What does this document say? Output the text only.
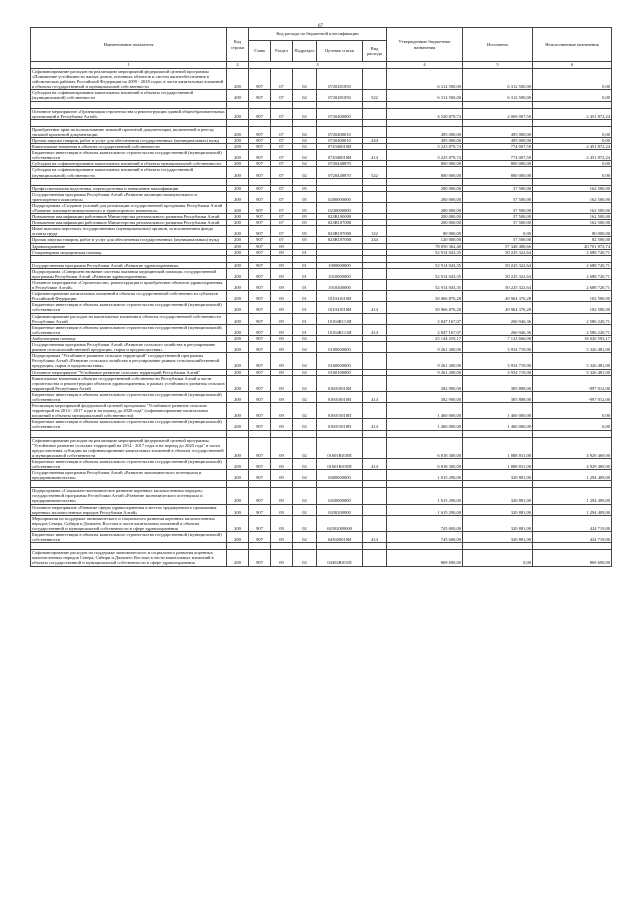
67
Наименование показателя	Код строки	Код расхода по бюджетной классификации					Утвержденные бюджетные назначения	Исполнено	Неисполненные назначения
		Глава	Раздел	Подраздел	Целевая статья	Вид расхода			
1	2	3					4	5	6
Софинансирование расходов на реализацию мероприятий федеральной целевой программы «Повышение устойчивости жилых домов, основных объектов и систем жизнеобеспечения в сейсмических районах Российской Федерации на 2009 - 2018 годы» в части капитальных вложений в объекты государственной и муниципальной собственности	200	907	07	02	0720281050		6 312 500,00	6 312 500,00	0,00
Субсидии на софинансирование капитальных вложений в объекты государственной (муниципальной) собственности	200	907	07	02	0720281050	522	6 312 500,00	6 312 500,00	0,00

Основное мероприятие «Организация строительства и реконструкции зданий общеобразовательных организаций в Республике Алтай»	200	907	07	02	0720400000		4 520 879,74	2 069 007,50	2 451 872,24

Приобретение прав на использование типовой проектной документации, включенной в реестр типовой проектной документации	200	907	07	02	0720400010		495 000,00	495 000,00	0,00
Прочая закупка товаров, работ и услуг для обеспечения государственных (муниципальных) нужд	200	907	07	02	0720400010	244	495 000,00	495 000,00	0,00
Капитальные вложения в объекты государственной собственности	200	907	07	02	072040010И		3 225 879,74	774 007,50	2 451 872,24
Бюджетные инвестиции в объекты капитального строительства государственной (муниципальной) собственности	200	907	07	02	072040010И	414	3 225 879,74	774 007,50	2 451 872,24
Субсидии на софинансирование капитальных вложений в объекты муниципальной собственности	200	907	07	02	0720448870		800 000,00	800 000,00	0,00
Субсидии на софинансирование капитальных вложений в объекты государственной (муниципальной) собственности	200	907	07	02	0720448870	522	800 000,00	800 000,00	0,00

Профессиональная подготовка, переподготовка и повышение квалификации	200	907	07	05			200 000,00	37 500,00	162 500,00
Государственная программа Республики Алтай «Развитие жилищно-коммунального и транспортного комплекса»	200	907	07	05	0200000000		200 000,00	37 500,00	162 500,00
Подпрограмма «Создание условий для реализации государственной программы Республики Алтай «Развитие жилищно-коммунального и транспортного комплекса»	200	907	07	05	0230000000		200 000,00	37 500,00	162 500,00
Повышение квалификации работников Министерства регионального развития Республики Алтай	200	907	07	05	02ЗВ100000		200 000,00	37 500,00	162 500,00
Повышение квалификации работников Министерства регионального развития Республики Алтай	200	907	07	05	02ЗВ107000		200 000,00	37 500,00	162 500,00
Иные выплаты персоналу государственных (муниципальных) органов, за исключением фонда оплаты труда	200	907	07	05	02ЗВ107000	122	80 000,00	0,00	80 000,00
Прочая закупка товаров, работ и услуг для обеспечения государственных (муниципальных) нужд	200	907	07	05	02ЗВ107000	244	120 000,00	37 500,00	82 500,00
Здравоохранение	200	907	09				78 050 362,40	57 348 488,66	20 701 873,74
Стационарная медицинская помощь	200	907	09	01			52 914 043,35	50 225 322,64	2 688 720,71

Государственная программа Республики Алтай «Развитие здравоохранения»	200	907	09	01	1000000000		52 914 043,35	50 225 322,64	2 688 720,71
Подпрограмма «Совершенствование системы оказания медицинской помощи» государственной программы Республики Алтай «Развитие здравоохранения»	200	907	09	01	1010000000		52 914 043,35	50 225 322,64	2 688 720,71
Основное мероприятие «Строительство, реконструкция и приобретение объектов здравоохранения в Республике Алтай»	200	907	09	01	1010400000		52 914 043,35	50 225 322,64	2 688 720,71
Софинансирование капитальных вложений в объекты государственной собственности субъектов Российской Федерации	200	907	09	01	101041010И		50 066 876,28	49 964 376,28	102 500,00
Бюджетные инвестиции в объекты капитального строительства государственной (муниципальной) собственности	200	907	09	01	101041010И	414	50 066 876,28	49 964 376,28	102 500,00
Софинансирование расходов на капитальные вложения в объекты государственной собственности Республики Алтай	200	907	09	01	10104R111И		2 847 167,07	260 946,36	2 586 220,71
Бюджетные инвестиции в объекты капитального строительства государственной (муниципальной) собственности	200	907	09	01	10104R111И	414	2 847 167,07	260 946,36	2 586 220,71
Амбулаторная помощь	200	907	09	02			25 144 259,17	7 123 666,00	18 020 593,17
Государственная программа Республики Алтай «Развитие сельского хозяйства и регулирование рынков сельскохозяйственной продукции, сырья и продовольствия»	200	907	09	02	0100000000		9 261 200,00	3 934 719,00	5 326 481,00
Подпрограмма "Устойчивое развитие сельских территорий" государственной программы Республики Алтай «Развитие сельского хозяйства и регулирование рынков сельскохозяйственной продукции, сырья и продовольствия»	200	907	09	02	0160000000		9 261 200,00	3 934 719,00	5 326 481,00
Основное мероприятие "Устойчивое развитие сельских территорий Республики Алтай"	200	907	09	02	0160100000		9 261 200,00	3 934 719,00	5 326 481,00
Капитальные вложения в объекты государственной собственности Республики Алтай в части строительства и реконструкции объектов здравоохранения, в рамках устойчивого развития сельских территорий Республики Алтай	200	907	09	02	016010010И		382 900,00	385 888,00	-997 012,00
Бюджетные инвестиции в объекты капитального строительства государственной (муниципальной) собственности	200	907	09	02	016010010И	414	382 900,00	385 888,00	-997 012,00
Реализация мероприятий федеральной целевой программы "Устойчивое развитие сельских территорий на 2014 - 2017 годы и на период до 2020 года" (софинансирование капитальных вложений в объекты муниципальной собственности)	200	907	09	02	016015018П		1 460 000,00	1 460 000,00	0,00
Бюджетные инвестиции в объекты капитального строительства государственной (муниципальной) собственности	200	907	09	02	016015018П	414	1 460 000,00	1 460 000,00	0,00

Софинансирование расходов на реализацию мероприятий федеральной целевой программы "Устойчивое развитие сельских территорий на 2014 - 2017 годы и на период до 2020 года" в части предоставления субсидии на софинансирование капитальных вложений в объекты государственной и муниципальной собственности	200	907	09	02	01601R018П		6 818 300,00	1 888 831,00	4 929 469,00
Бюджетные инвестиции в объекты капитального строительства государственной (муниципальной) собственности	200	907	09	02	01601R018П	414	6 818 300,00	1 888 831,00	4 929 469,00
Государственная программа Республики Алтай «Развитие экономического потенциала и предпринимательства»	200	907	09	02	0400000000		1 615 290,00	320 881,00	1 294 409,00

Подпрограмма «Социально-экономическое развитие коренных малочисленных народов» государственной программы Республики Алтай «Развитие экономического потенциала и предпринимательства»	200	907	09	02	0430000000		1 615 290,00	320 881,00	1 294 409,00
Основное мероприятие «Развитие сферы здравоохранения в местах традиционного проживания коренных малочисленных народов Республики Алтай»	200	907	09	02	0430200000		1 615 290,00	320 881,00	1 294 409,00
Мероприятия по поддержке экономического и социального развития коренных малочисленных народов Севера, Сибири и Дальнего Востока в части капитальных вложений в объекты государственной и муниципальной собственности в сфере здравоохранения	200	907	09	02	04302000000		745 600,00	320 881,00	424 719,00
Бюджетные инвестиции в объекты капитального строительства государственной (муниципальной) собственности	200	907	09	02	043020010И	414	745 600,00	320 881,00	424 719,00

Софинансирование расходов по поддержке экономического и социального развития коренных малочисленных народов Севера, Сибири и Дальнего Востока в части капитальных вложений в объекты государственной и муниципальной собственности в сфере здравоохранения	200	907	09	02	04302R015П		869 690,00	0,00	869 690,00
